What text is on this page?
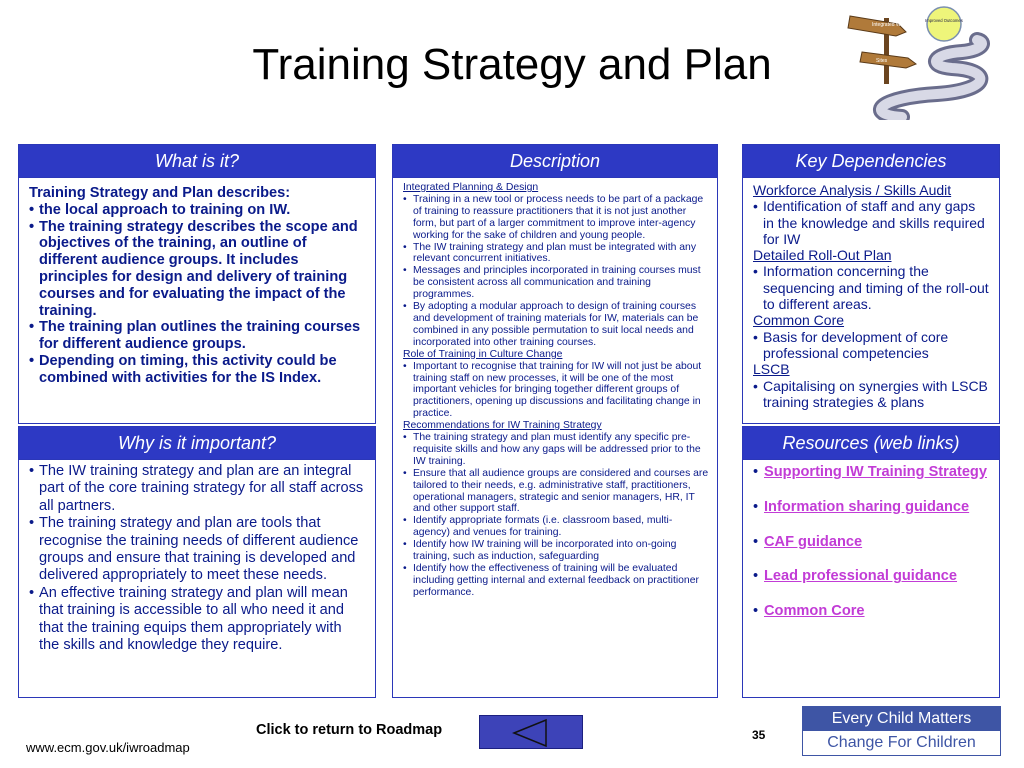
Training Strategy and Plan
Integrated Working
Sites
Improved Outcomes
What is it?
Training Strategy and Plan describes:
• the local approach to training on IW.
• The training strategy describes the scope and objectives of the training, an outline of different audience groups. It includes principles for design and delivery of training courses and for evaluating the impact of the training.
• The training plan outlines the training courses for different audience groups.
• Depending on timing, this activity could be combined with activities for the IS Index.
Why is it important?
• The IW training strategy and plan are an integral part of the core training strategy for all staff across all partners.
• The training strategy and plan are tools that recognise the training needs of different audience groups and ensure that training is developed and delivered appropriately to meet these needs.
• An effective training strategy and plan will mean that training is accessible to all who need it and that the training equips them appropriately with the skills and knowledge they require.
Description
Integrated Planning & Design
• Training in a new tool or process needs to be part of a package of training to reassure practitioners that it is not just another form, but part of a larger commitment to improve inter-agency working for the sake of children and young people.
• The IW training strategy and plan must be integrated with any relevant concurrent initiatives.
• Messages and principles incorporated in training courses must be consistent across all communication and training programmes.
• By adopting a modular approach to design of training courses and development of training materials for IW, materials can be combined in any possible permutation to suit local needs and incorporated into other training courses.
Role of Training in Culture Change
• Important to recognise that training for IW will not just be about training staff on new processes, it will be one of the most important vehicles for bringing together different groups of practitioners, opening up discussions and facilitating change in practice.
Recommendations for IW Training Strategy
• The training strategy and plan must identify any specific pre-requisite skills and how any gaps will be addressed prior to the IW training.
• Ensure that all audience groups are considered and courses are tailored to their needs, e.g. administrative staff, practitioners, operational managers, strategic and senior managers, HR, IT and other support staff.
• Identify appropriate formats (i.e. classroom based, multi-agency) and venues for training.
• Identify how IW training will be incorporated into on-going training, such as induction, safeguarding
• Identify how the effectiveness of training will be evaluated including getting internal and external feedback on practitioner performance.
Key Dependencies
Workforce Analysis / Skills Audit
• Identification of staff and any gaps in the knowledge and skills required for IW
Detailed Roll-Out Plan
• Information concerning the sequencing and timing of the roll-out to different areas.
Common Core
• Basis for development of core professional competencies
LSCB
• Capitalising on synergies with LSCB training strategies & plans
Resources (web links)
• Supporting IW Training Strategy
• Information sharing guidance
• CAF guidance
• Lead professional guidance
• Common Core
Click to return to Roadmap	35
www.ecm.gov.uk/iwroadmap
Every Child Matters
Change For Children
